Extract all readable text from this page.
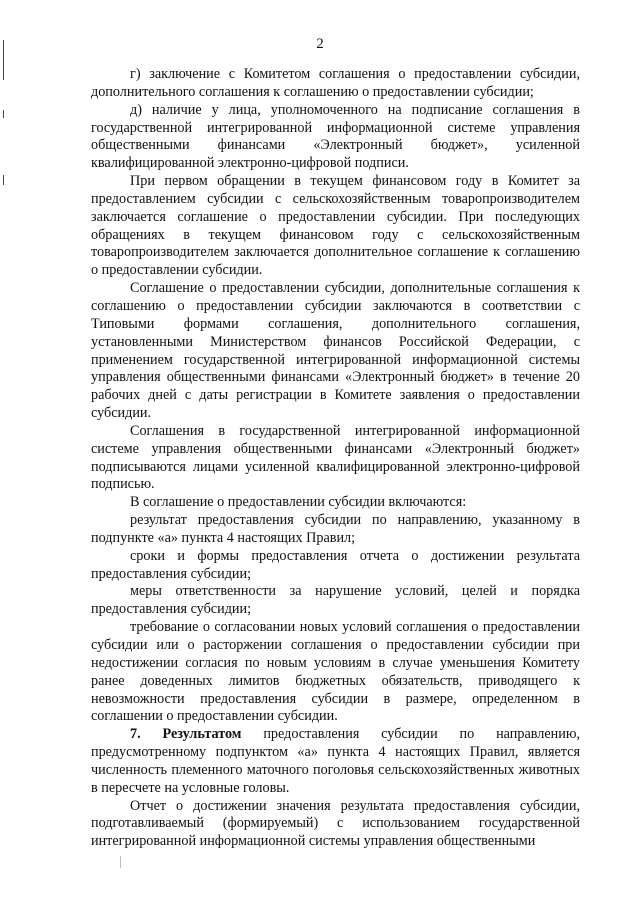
2

г) заключение с Комитетом соглашения о предоставлении субсидии, дополнительного соглашения к соглашению о предоставлении субсидии;

д) наличие у лица, уполномоченного на подписание соглашения в государственной интегрированной информационной системе управления общественными финансами «Электронный бюджет», усиленной квалифицированной электронно-цифровой подписи.

При первом обращении в текущем финансовом году в Комитет за предоставлением субсидии с сельскохозяйственным товаропроизводителем заключается соглашение о предоставлении субсидии. При последующих обращениях в текущем финансовом году с сельскохозяйственным товаропроизводителем заключается дополнительное соглашение к соглашению о предоставлении субсидии.

Соглашение о предоставлении субсидии, дополнительные соглашения к соглашению о предоставлении субсидии заключаются в соответствии с Типовыми формами соглашения, дополнительного соглашения, установленными Министерством финансов Российской Федерации, с применением государственной интегрированной информационной системы управления общественными финансами «Электронный бюджет» в течение 20 рабочих дней с даты регистрации в Комитете заявления о предоставлении субсидии.

Соглашения в государственной интегрированной информационной системе управления общественными финансами «Электронный бюджет» подписываются лицами усиленной квалифицированной электронно-цифровой подписью.

В соглашение о предоставлении субсидии включаются:

результат предоставления субсидии по направлению, указанному в подпункте «а» пункта 4 настоящих Правил;

сроки и формы предоставления отчета о достижении результата предоставления субсидии;

меры ответственности за нарушение условий, целей и порядка предоставления субсидии;

требование о согласовании новых условий соглашения о предоставлении субсидии или о расторжении соглашения о предоставлении субсидии при недостижении согласия по новым условиям в случае уменьшения Комитету ранее доведенных лимитов бюджетных обязательств, приводящего к невозможности предоставления субсидии в размере, определенном в соглашении о предоставлении субсидии.

7. Результатом предоставления субсидии по направлению, предусмотренному подпунктом «а» пункта 4 настоящих Правил, является численность племенного маточного поголовья сельскохозяйственных животных в пересчете на условные головы.

Отчет о достижении значения результата предоставления субсидии, подготавливаемый (формируемый) с использованием государственной интегрированной информационной системы управления общественными
